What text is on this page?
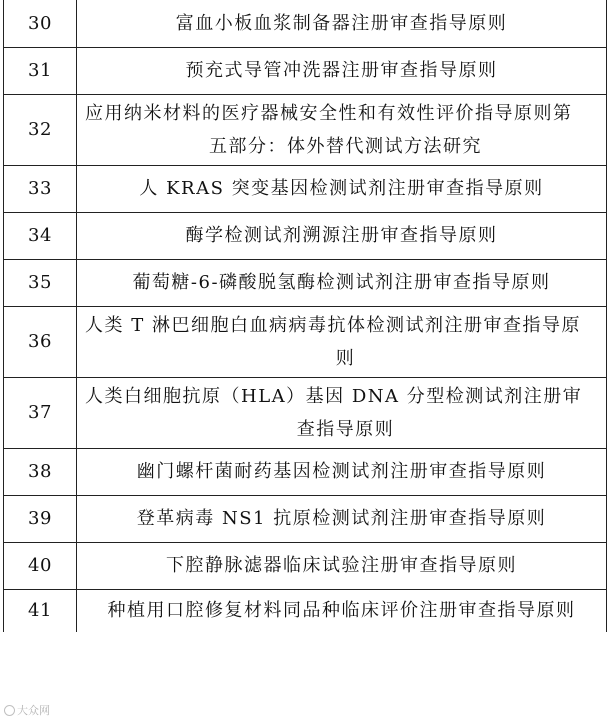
30	富血小板血浆制备器注册审查指导原则
31	预充式导管冲洗器注册审查指导原则
32	应用纳米材料的医疗器械安全性和有效性评价指导原则第
五部分：体外替代测试方法研究

33	人 KRAS 突变基因检测试剂注册审查指导原则
34	酶学检测试剂溯源注册审查指导原则
35	葡萄糖-6-磷酸脱氢酶检测试剂注册审查指导原则
36	人类 T 淋巴细胞白血病病毒抗体检测试剂注册审查指导原
则

37	人类白细胞抗原（HLA）基因 DNA 分型检测试剂注册审
查指导原则

38	幽门螺杆菌耐药基因检测试剂注册审查指导原则
39	登革病毒 NS1 抗原检测试剂注册审查指导原则
40	下腔静脉滤器临床试验注册审查指导原则
41	种植用口腔修复材料同品种临床评价注册审查指导原则
大众网
